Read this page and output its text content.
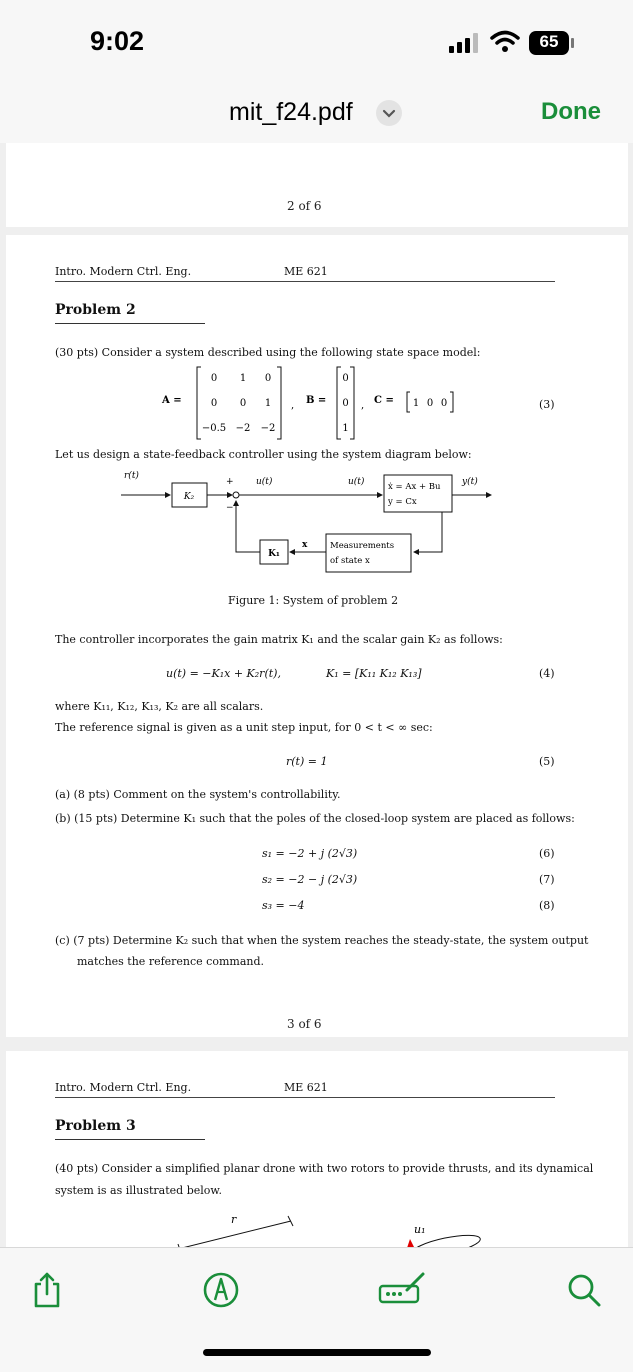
9:02	65
mit_f24.pdf	Done
2 of 6
Intro. Modern Ctrl. Eng.	ME 621
Problem 2
(30 pts) Consider a system described using the following state space model:
A =
0 1 0
0 0 1
−0.5 −2 −2
, B =
0
0
1
, C = 1 0 0	(3)
Let us design a state-feedback controller using the system diagram below:
r(t)
K₂
+
−
u(t)	u(t)	ẋ = Ax + Bu
y = Cx
y(t)
Measurements
of state x
x
K₁
Figure 1: System of problem 2
The controller incorporates the gain matrix K₁ and the scalar gain K₂ as follows:
u(t) = −K₁x + K₂r(t),	K₁ = [K₁₁ K₁₂ K₁₃]	(4)
where K₁₁, K₁₂, K₁₃, K₂ are all scalars.
The reference signal is given as a unit step input, for 0 < t < ∞ sec:
r(t) = 1	(5)
(a) (8 pts) Comment on the system's controllability.
(b) (15 pts) Determine K₁ such that the poles of the closed-loop system are placed as follows:
s₁ = −2 + j (2√3)	(6)
s₂ = −2 − j (2√3)	(7)
s₃ = −4	(8)
(c) (7 pts) Determine K₂ such that when the system reaches the steady-state, the system output
matches the reference command.
3 of 6
Intro. Modern Ctrl. Eng.	ME 621
Problem 3
(40 pts) Consider a simplified planar drone with two rotors to provide thrusts, and its dynamical
system is as illustrated below.
r
u₁
